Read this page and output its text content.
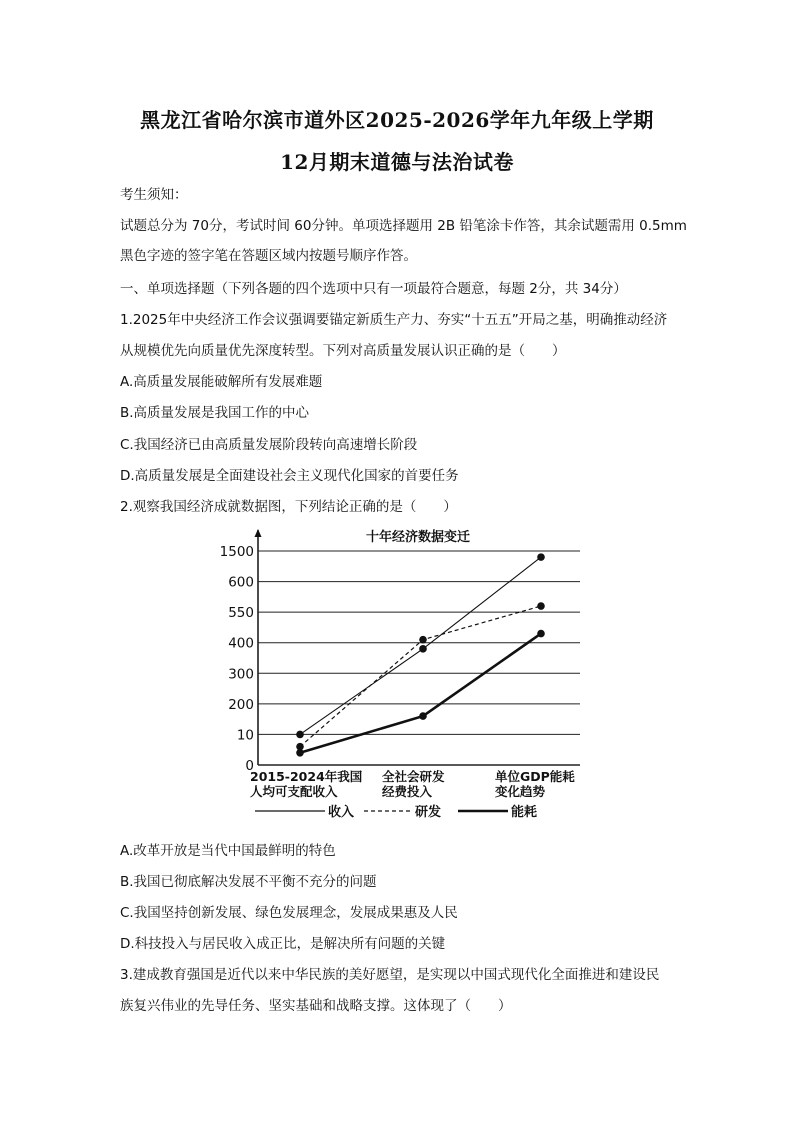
黑龙江省哈尔滨市道外区2025-2026学年九年级上学期
12月期末道德与法治试卷
考生须知：
试题总分为 70分，考试时间 60分钟。单项选择题用 2B 铅笔涂卡作答，其余试题需用 0.5mm
黑色字迹的签字笔在答题区域内按题号顺序作答。
一、单项选择题（下列各题的四个选项中只有一项最符合题意，每题 2分，共 34分）
1.2025年中央经济工作会议强调要锚定新质生产力、夯实“十五五”开局之基，明确推动经济
从规模优先向质量优先深度转型。下列对高质量发展认识正确的是（　　）
A.高质量发展能破解所有发展难题
B.高质量发展是我国工作的中心
C.我国经济已由高质量发展阶段转向高速增长阶段
D.高质量发展是全面建设社会主义现代化国家的首要任务
2.观察我国经济成就数据图，下列结论正确的是（　　）
十年经济数据变迁
0
10
200
300
400
550
600
1500
2015-2024年我国
人均可支配收入
全社会研发
经费投入
单位GDP能耗
变化趋势
收入	研发	能耗
A.改革开放是当代中国最鲜明的特色
B.我国已彻底解决发展不平衡不充分的问题
C.我国坚持创新发展、绿色发展理念，发展成果惠及人民
D.科技投入与居民收入成正比，是解决所有问题的关键
3.建成教育强国是近代以来中华民族的美好愿望，是实现以中国式现代化全面推进和建设民
族复兴伟业的先导任务、坚实基础和战略支撑。这体现了（　　）
